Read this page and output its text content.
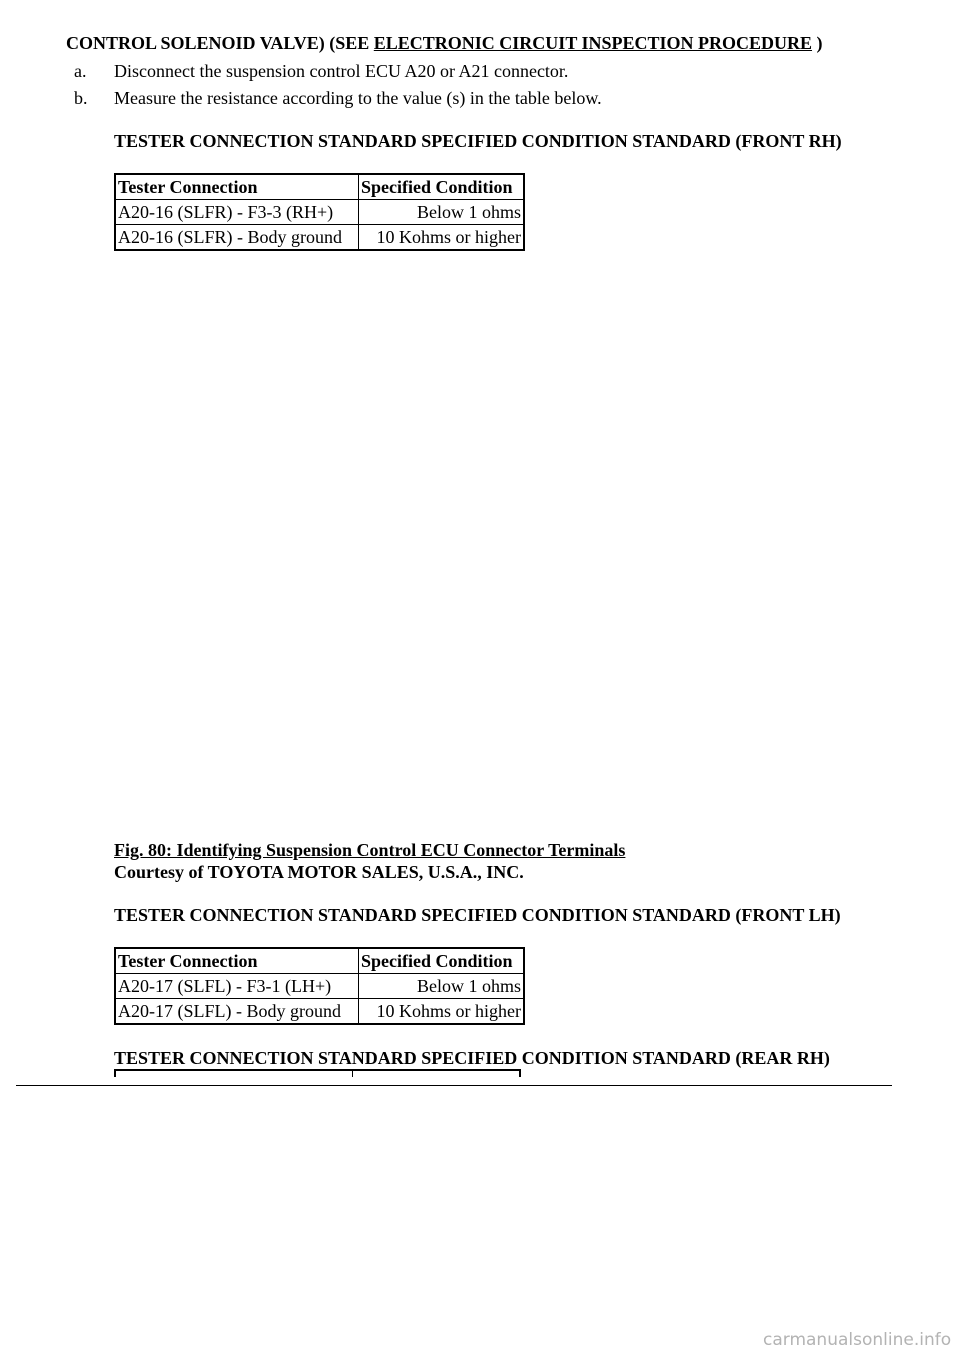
CONTROL SOLENOID VALVE) (SEE ELECTRONIC CIRCUIT INSPECTION PROCEDURE )
a. Disconnect the suspension control ECU A20 or A21 connector.
b. Measure the resistance according to the value (s) in the table below.
TESTER CONNECTION STANDARD SPECIFIED CONDITION STANDARD (FRONT RH)
Tester Connection	Specified Condition
A20-16 (SLFR) - F3-3 (RH+)	Below 1 ohms
A20-16 (SLFR) - Body ground	10 Kohms or higher
Fig. 80: Identifying Suspension Control ECU Connector Terminals
Courtesy of TOYOTA MOTOR SALES, U.S.A., INC.
TESTER CONNECTION STANDARD SPECIFIED CONDITION STANDARD (FRONT LH)
Tester Connection	Specified Condition
A20-17 (SLFL) - F3-1 (LH+)	Below 1 ohms
A20-17 (SLFL) - Body ground	10 Kohms or higher
TESTER CONNECTION STANDARD SPECIFIED CONDITION STANDARD (REAR RH)
carmanualsonline.info
